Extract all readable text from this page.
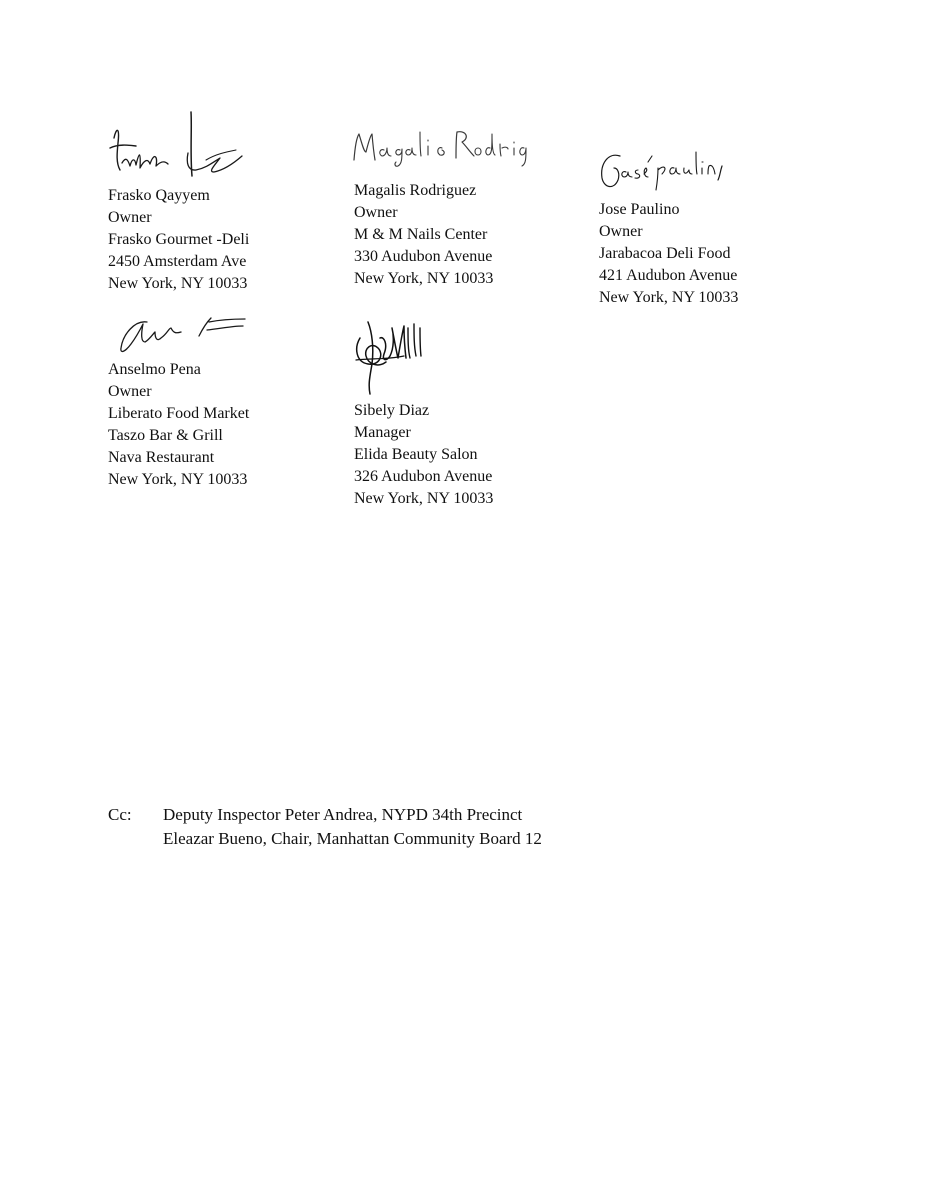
Frasko Qayyem
Owner
Frasko Gourmet -Deli
2450 Amsterdam Ave
New York, NY 10033
Magalis Rodriguez
Owner
M & M Nails Center
330 Audubon Avenue
New York, NY 10033
Jose Paulino
Owner
Jarabacoa Deli Food
421 Audubon Avenue
New York, NY 10033
Anselmo Pena
Owner
Liberato Food Market
Taszo Bar & Grill
Nava Restaurant
New York, NY 10033
Sibely Diaz
Manager
Elida Beauty Salon
326 Audubon Avenue
New York, NY 10033
Cc: Deputy Inspector Peter Andrea, NYPD 34th Precinct
Eleazar Bueno, Chair, Manhattan Community Board 12
